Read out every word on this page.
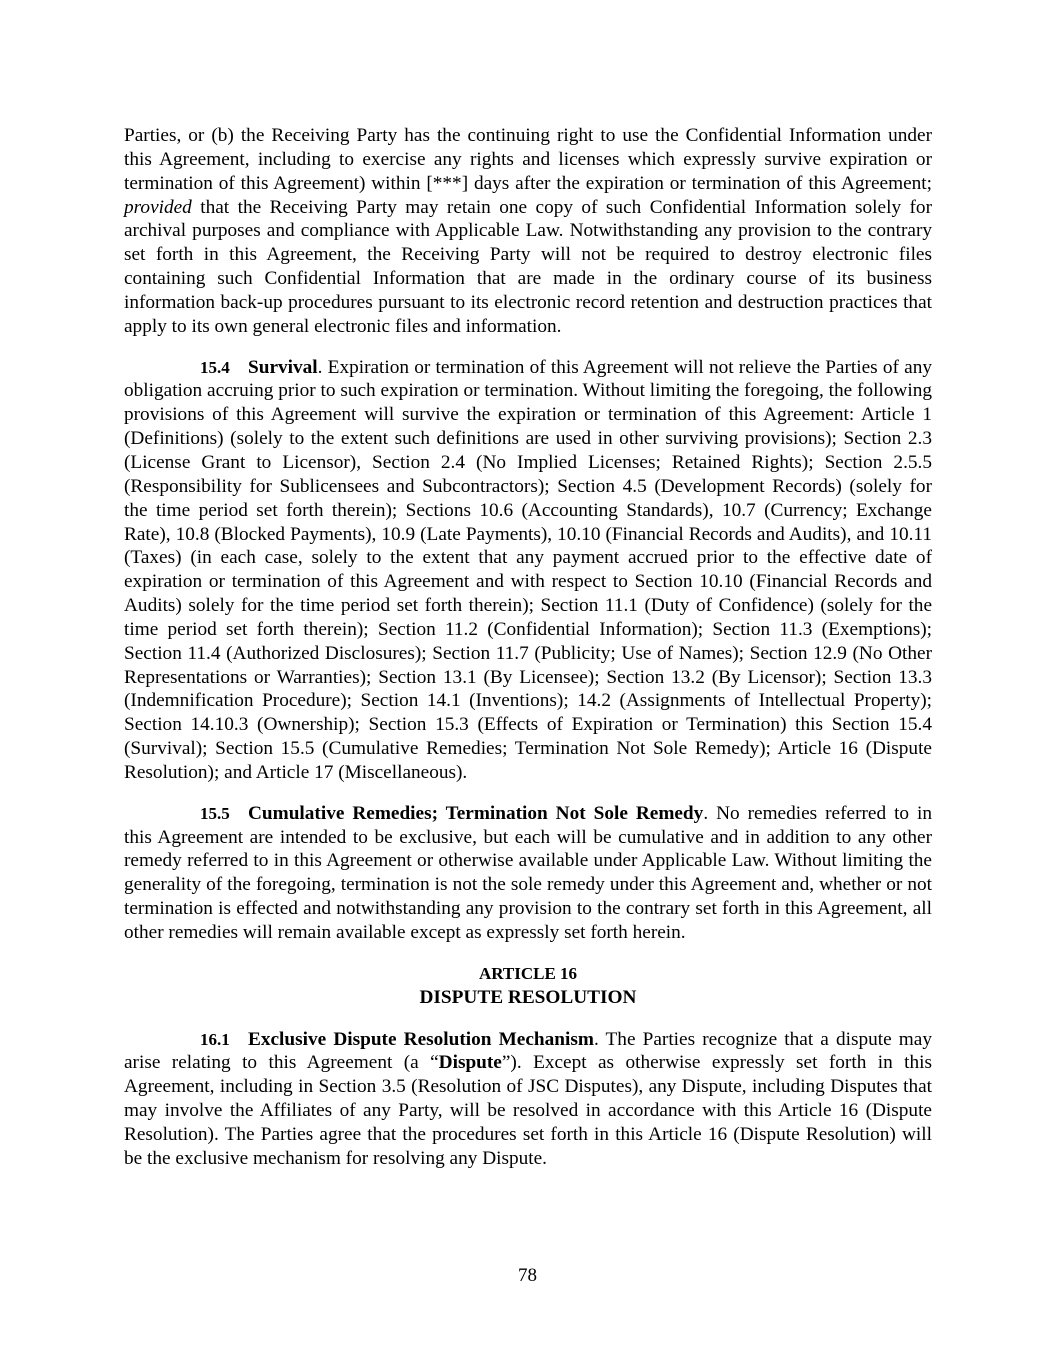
Parties, or (b) the Receiving Party has the continuing right to use the Confidential Information under this Agreement, including to exercise any rights and licenses which expressly survive expiration or termination of this Agreement) within [***] days after the expiration or termination of this Agreement; provided that the Receiving Party may retain one copy of such Confidential Information solely for archival purposes and compliance with Applicable Law. Notwithstanding any provision to the contrary set forth in this Agreement, the Receiving Party will not be required to destroy electronic files containing such Confidential Information that are made in the ordinary course of its business information back-up procedures pursuant to its electronic record retention and destruction practices that apply to its own general electronic files and information.

15.4 Survival. Expiration or termination of this Agreement will not relieve the Parties of any obligation accruing prior to such expiration or termination. Without limiting the foregoing, the following provisions of this Agreement will survive the expiration or termination of this Agreement: Article 1 (Definitions) (solely to the extent such definitions are used in other surviving provisions); Section 2.3 (License Grant to Licensor), Section 2.4 (No Implied Licenses; Retained Rights); Section 2.5.5 (Responsibility for Sublicensees and Subcontractors); Section 4.5 (Development Records) (solely for the time period set forth therein); Sections 10.6 (Accounting Standards), 10.7 (Currency; Exchange Rate), 10.8 (Blocked Payments), 10.9 (Late Payments), 10.10 (Financial Records and Audits), and 10.11 (Taxes) (in each case, solely to the extent that any payment accrued prior to the effective date of expiration or termination of this Agreement and with respect to Section 10.10 (Financial Records and Audits) solely for the time period set forth therein); Section 11.1 (Duty of Confidence) (solely for the time period set forth therein); Section 11.2 (Confidential Information); Section 11.3 (Exemptions); Section 11.4 (Authorized Disclosures); Section 11.7 (Publicity; Use of Names); Section 12.9 (No Other Representations or Warranties); Section 13.1 (By Licensee); Section 13.2 (By Licensor); Section 13.3 (Indemnification Procedure); Section 14.1 (Inventions); 14.2 (Assignments of Intellectual Property); Section 14.10.3 (Ownership); Section 15.3 (Effects of Expiration or Termination) this Section 15.4 (Survival); Section 15.5 (Cumulative Remedies; Termination Not Sole Remedy); Article 16 (Dispute Resolution); and Article 17 (Miscellaneous).

15.5 Cumulative Remedies; Termination Not Sole Remedy. No remedies referred to in this Agreement are intended to be exclusive, but each will be cumulative and in addition to any other remedy referred to in this Agreement or otherwise available under Applicable Law. Without limiting the generality of the foregoing, termination is not the sole remedy under this Agreement and, whether or not termination is effected and notwithstanding any provision to the contrary set forth in this Agreement, all other remedies will remain available except as expressly set forth herein.

ARTICLE 16
DISPUTE RESOLUTION

16.1 Exclusive Dispute Resolution Mechanism. The Parties recognize that a dispute may arise relating to this Agreement (a “Dispute”). Except as otherwise expressly set forth in this Agreement, including in Section 3.5 (Resolution of JSC Disputes), any Dispute, including Disputes that may involve the Affiliates of any Party, will be resolved in accordance with this Article 16 (Dispute Resolution). The Parties agree that the procedures set forth in this Article 16 (Dispute Resolution) will be the exclusive mechanism for resolving any Dispute.

78
